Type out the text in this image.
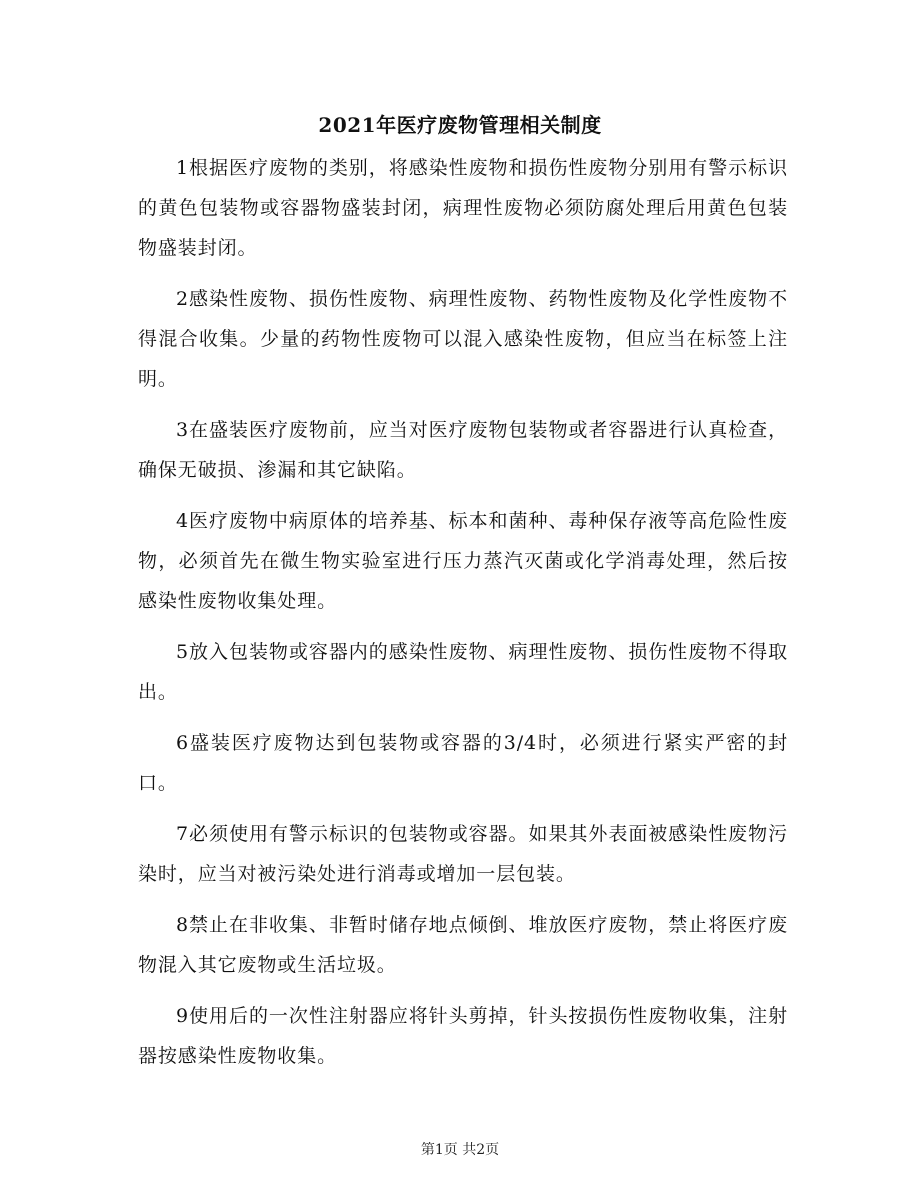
2021年医疗废物管理相关制度

1根据医疗废物的类别，将感染性废物和损伤性废物分别用有警示标识的黄色包装物或容器物盛装封闭，病理性废物必须防腐处理后用黄色包装物盛装封闭。

2感染性废物、损伤性废物、病理性废物、药物性废物及化学性废物不得混合收集。少量的药物性废物可以混入感染性废物，但应当在标签上注明。

3在盛装医疗废物前，应当对医疗废物包装物或者容器进行认真检查，确保无破损、渗漏和其它缺陷。

4医疗废物中病原体的培养基、标本和菌种、毒种保存液等高危险性废物，必须首先在微生物实验室进行压力蒸汽灭菌或化学消毒处理，然后按感染性废物收集处理。

5放入包装物或容器内的感染性废物、病理性废物、损伤性废物不得取出。

6盛装医疗废物达到包装物或容器的3/4时，必须进行紧实严密的封口。

7必须使用有警示标识的包装物或容器。如果其外表面被感染性废物污染时，应当对被污染处进行消毒或增加一层包装。

8禁止在非收集、非暂时储存地点倾倒、堆放医疗废物，禁止将医疗废物混入其它废物或生活垃圾。

9使用后的一次性注射器应将针头剪掉，针头按损伤性废物收集，注射器按感染性废物收集。

第1页 共2页
